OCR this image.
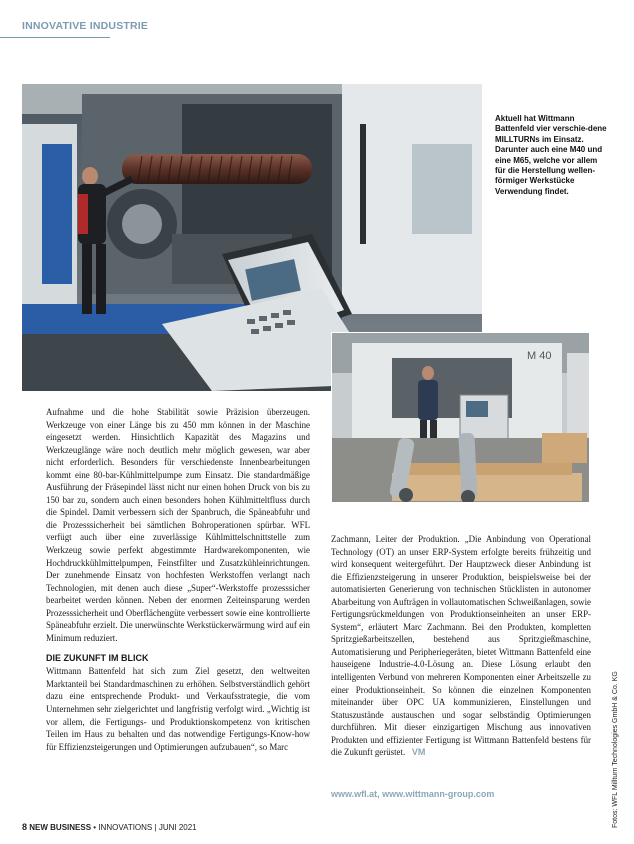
INNOVATIVE INDUSTRIE
Aktuell hat Wittmann Battenfeld vier verschie-dene MILLTURNs im Einsatz. Darunter auch eine M40 und eine M65, welche vor allem für die Herstellung wellen-förmiger Werkstücke Verwendung findet.
M 40

Aufnahme und die hohe Stabilität sowie Präzision überzeugen. Werkzeuge von einer Länge bis zu 450 mm können in der Maschine eingesetzt werden. Hinsichtlich Kapazität des Magazins und Werkzeuglänge wäre noch deutlich mehr möglich gewesen, war aber nicht erforderlich. Besonders für verschiedenste Innenbearbeitungen kommt eine 80-bar-Kühlmittelpumpe zum Einsatz. Die standardmäßige Ausführung der Fräsepindel lässt nicht nur einen hohen Druck von bis zu 150 bar zu, sondern auch einen besonders hohen Kühlmitteltfluss durch die Spindel. Damit verbessern sich der Spanbruch, die Späneabfuhr und die Prozesssicherheit bei sämtlichen Bohroperationen spürbar. WFL verfügt auch über eine zuverlässige Kühlmittelschnittstelle zum Werkzeug sowie perfekt abgestimmte Hardwarekomponenten, wie Hochdruckkühlmittelpumpen, Feinstfilter und Zusatzkühleinrichtungen. Der zunehmende Einsatz von hochfesten Werkstoffen verlangt nach Technologien, mit denen auch diese „Super“-Werkstoffe prozesssicher bearbeitet werden können. Neben der enormen Zeiteinsparung werden Prozesssicherheit und Oberflächengüte verbessert sowie eine kontrollierte Späneabfuhr erzielt. Die unerwünschte Werkstückerwärmung wird auf ein Minimum reduziert.

DIE ZUKUNFT IM BLICK

Wittmann Battenfeld hat sich zum Ziel gesetzt, den weltweiten Marktanteil bei Standardmaschinen zu erhöhen. Selbstverständlich gehört dazu eine entsprechende Produkt- und Verkaufsstrategie, die vom Unternehmen sehr zielgerichtet und langfristig verfolgt wird. „Wichtig ist vor allem, die Fertigungs- und Produktionskompetenz von kritischen Teilen im Haus zu behalten und das notwendige Fertigungs-Know-how für Effizienzsteigerungen und Optimierungen aufzubauen“, so Marc

Zachmann, Leiter der Produktion. „Die Anbindung von Operational Technology (OT) an unser ERP-System erfolgte bereits frühzeitig und wird konsequent weitergeführt. Der Hauptzweck dieser Anbindung ist die Effizienzsteigerung in unserer Produktion, beispielsweise bei der automatisierten Generierung von technischen Stücklisten in autonomer Abarbeitung von Aufträgen in vollautomatischen Schweißanlagen, sowie Fertigungsrückmeldungen von Produktionseinheiten an unser ERP-System“, erläutert Marc Zachmann. Bei den Produkten, kompletten Spritzgießarbeitszellen, bestehend aus Spritzgießmaschine, Automatisierung und Peripheriegeräten, bietet Wittmann Battenfeld eine hauseigene Industrie-4.0-Lösung an. Diese Lösung erlaubt den intelligenten Verbund von mehreren Komponenten einer Arbeitszelle zu einer Produktionseinheit. So können die einzelnen Komponenten miteinander über OPC UA kommunizieren, Einstellungen und Statuszustände austauschen und sogar selbständig Optimierungen durchführen. Mit dieser einzigartigen Mischung aus innovativen Produkten und effizienter Fertigung ist Wittmann Battenfeld bestens für die Zukunft gerüstet. VM

www.wfl.at, www.wittmann-group.com	Fotos: WFL Millturn Technologies GmbH & Co. KG
8 NEW BUSINESS • INNOVATIONS | JUNI 2021
